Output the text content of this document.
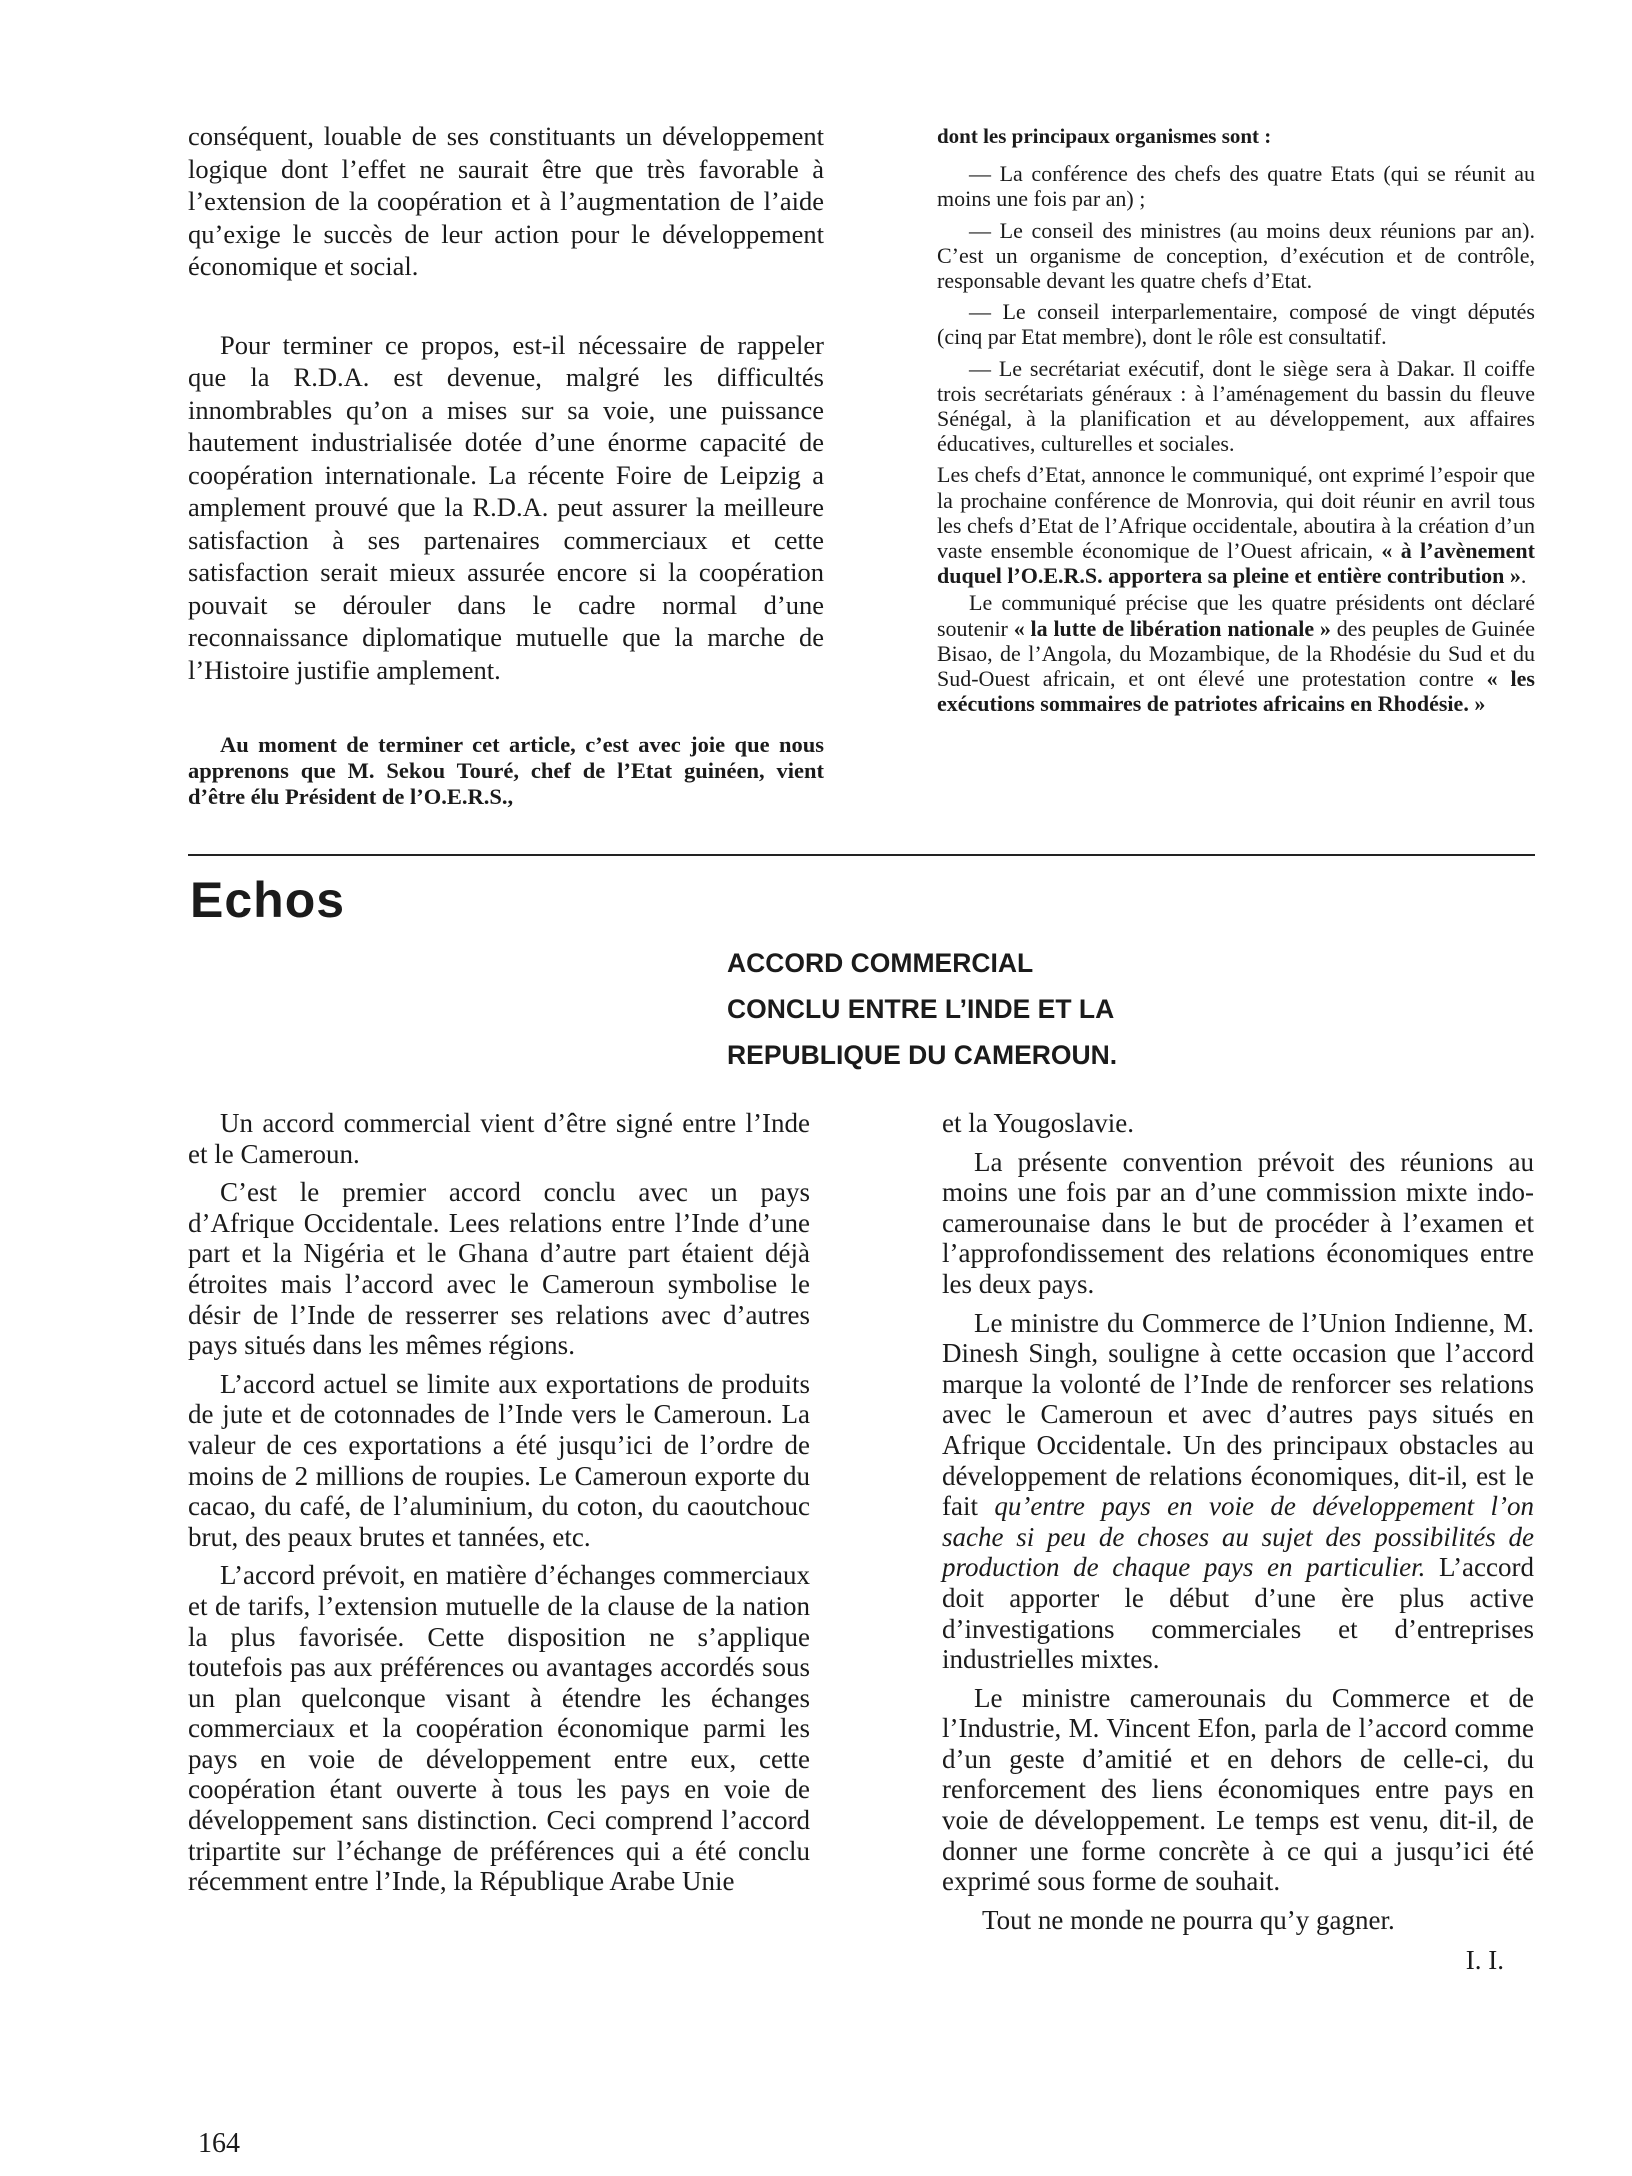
conséquent, louable de ses constituants un développement logique dont l’effet ne saurait être que très favorable à l’extension de la coopération et à l’augmentation de l’aide qu’exige le succès de leur action pour le développement économique et social.

Pour terminer ce propos, est-il nécessaire de rappeler que la R.D.A. est devenue, malgré les difficultés innombrables qu’on a mises sur sa voie, une puissance hautement industrialisée dotée d’une énorme capacité de coopération internationale. La récente Foire de Leipzig a amplement prouvé que la R.D.A. peut assurer la meilleure satisfaction à ses partenaires commerciaux et cette satisfaction serait mieux assurée encore si la coopération pouvait se dérouler dans le cadre normal d’une reconnaissance diplomatique mutuelle que la marche de l’Histoire justifie amplement.

Au moment de terminer cet article, c’est avec joie que nous apprenons que M. Sekou Touré, chef de l’Etat guinéen, vient d’être élu Président de l’O.E.R.S.,

dont les principaux organismes sont :

— La conférence des chefs des quatre Etats (qui se réunit au moins une fois par an) ;

— Le conseil des ministres (au moins deux réunions par an). C’est un organisme de conception, d’exécution et de contrôle, responsable devant les quatre chefs d’Etat.

— Le conseil interparlementaire, composé de vingt députés (cinq par Etat membre), dont le rôle est consultatif.

— Le secrétariat exécutif, dont le siège sera à Dakar. Il coiffe trois secrétariats généraux : à l’aménagement du bassin du fleuve Sénégal, à la planification et au développement, aux affaires éducatives, culturelles et sociales.

Les chefs d’Etat, annonce le communiqué, ont exprimé l’espoir que la prochaine conférence de Monrovia, qui doit réunir en avril tous les chefs d’Etat de l’Afrique occidentale, aboutira à la création d’un vaste ensemble économique de l’Ouest africain, « à l’avènement duquel l’O.E.R.S. apportera sa pleine et entière contribution ».

Le communiqué précise que les quatre présidents ont déclaré soutenir « la lutte de libération nationale » des peuples de Guinée Bisao, de l’Angola, du Mozambique, de la Rhodésie du Sud et du Sud-Ouest africain, et ont élevé une protestation contre « les exécutions sommaires de patriotes africains en Rhodésie. »

Echos
ACCORD COMMERCIAL
CONCLU ENTRE L’INDE ET LA
REPUBLIQUE DU CAMEROUN.

Un accord commercial vient d’être signé entre l’Inde et le Cameroun.

C’est le premier accord conclu avec un pays d’Afrique Occidentale. Lees relations entre l’Inde d’une part et la Nigéria et le Ghana d’autre part étaient déjà étroites mais l’accord avec le Cameroun symbolise le désir de l’Inde de resserrer ses relations avec d’autres pays situés dans les mêmes régions.

L’accord actuel se limite aux exportations de produits de jute et de cotonnades de l’Inde vers le Cameroun. La valeur de ces exportations a été jusqu’ici de l’ordre de moins de 2 millions de roupies. Le Cameroun exporte du cacao, du café, de l’aluminium, du coton, du caoutchouc brut, des peaux brutes et tannées, etc.

L’accord prévoit, en matière d’échanges commerciaux et de tarifs, l’extension mutuelle de la clause de la nation la plus favorisée. Cette disposition ne s’applique toutefois pas aux préférences ou avantages accordés sous un plan quelconque visant à étendre les échanges commerciaux et la coopération économique parmi les pays en voie de développement entre eux, cette coopération étant ouverte à tous les pays en voie de développement sans distinction. Ceci comprend l’accord tripartite sur l’échange de préférences qui a été conclu récemment entre l’Inde, la République Arabe Unie

et la Yougoslavie.

La présente convention prévoit des réunions au moins une fois par an d’une commission mixte indo-camerounaise dans le but de procéder à l’examen et l’approfondissement des relations économiques entre les deux pays.

Le ministre du Commerce de l’Union Indienne, M. Dinesh Singh, souligne à cette occasion que l’accord marque la volonté de l’Inde de renforcer ses relations avec le Cameroun et avec d’autres pays situés en Afrique Occidentale. Un des principaux obstacles au développement de relations économiques, dit-il, est le fait qu’entre pays en voie de développement l’on sache si peu de choses au sujet des possibilités de production de chaque pays en particulier. L’accord doit apporter le début d’une ère plus active d’investigations commerciales et d’entreprises industrielles mixtes.

Le ministre camerounais du Commerce et de l’Industrie, M. Vincent Efon, parla de l’accord comme d’un geste d’amitié et en dehors de celle-ci, du renforcement des liens économiques entre pays en voie de développement. Le temps est venu, dit-il, de donner une forme concrète à ce qui a jusqu’ici été exprimé sous forme de souhait.

Tout ne monde ne pourra qu’y gagner.

I. I.

164
